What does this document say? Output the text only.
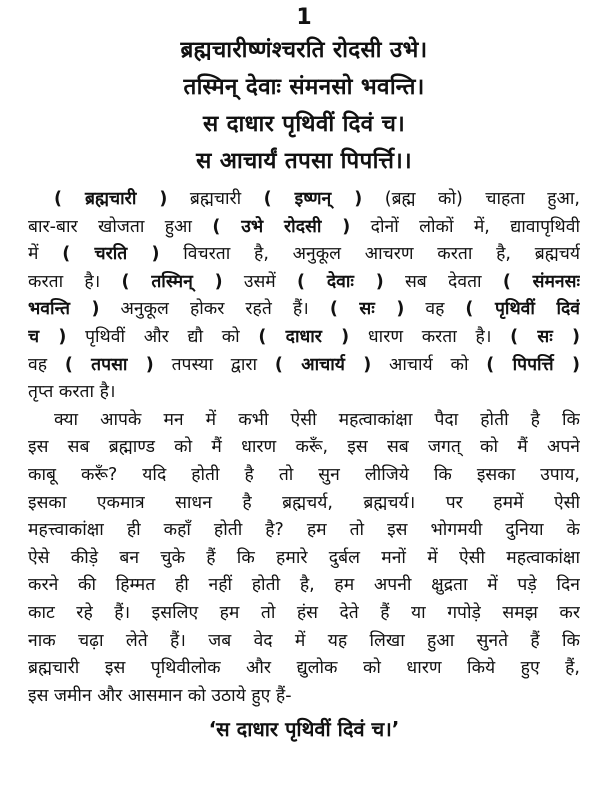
1
ब्रह्मचारीष्णंश्चरति रोदसी उभे।
तस्मिन् देवाः संमनसो भवन्ति।
स दाधार पृथिवीं दिवं च।
स आचार्यं तपसा पिपर्त्ति।।
( ब्रह्मचारी ) ब्रह्मचारी ( इष्णन् ) (ब्रह्म को) चाहता हुआ,
बार-बार खोजता हुआ ( उभे रोदसी ) दोनों लोकों में, द्यावापृथिवी
में ( चरति ) विचरता है, अनुकूल आचरण करता है, ब्रह्मचर्य
करता है। ( तस्मिन् ) उसमें ( देवाः ) सब देवता ( संमनसः
भवन्ति ) अनुकूल होकर रहते हैं। ( सः ) वह ( पृथिवीं दिवं
च ) पृथिवीं और द्यौ को ( दाधार ) धारण करता है। ( सः )
वह ( तपसा ) तपस्या द्वारा ( आचार्य ) आचार्य को ( पिपर्त्ति )
तृप्त करता है।
क्या आपके मन में कभी ऐसी महत्वाकांक्षा पैदा होती है कि
इस सब ब्रह्माण्ड को मैं धारण करूँ, इस सब जगत् को मैं अपने
काबू करूँ? यदि होती है तो सुन लीजिये कि इसका उपाय,
इसका एकमात्र साधन है ब्रह्मचर्य, ब्रह्मचर्य। पर हममें ऐसी
महत्त्वाकांक्षा ही कहाँ होती है? हम तो इस भोगमयी दुनिया के
ऐसे कीड़े बन चुके हैं कि हमारे दुर्बल मनों में ऐसी महत्वाकांक्षा
करने की हिम्मत ही नहीं होती है, हम अपनी क्षुद्रता में पड़े दिन
काट रहे हैं। इसलिए हम तो हंस देते हैं या गपोड़े समझ कर
नाक चढ़ा लेते हैं। जब वेद में यह लिखा हुआ सुनते हैं कि
ब्रह्मचारी इस पृथिवीलोक और द्युलोक को धारण किये हुए हैं,
इस जमीन और आसमान को उठाये हुए हैं-
‘स दाधार पृथिवीं दिवं च।’
